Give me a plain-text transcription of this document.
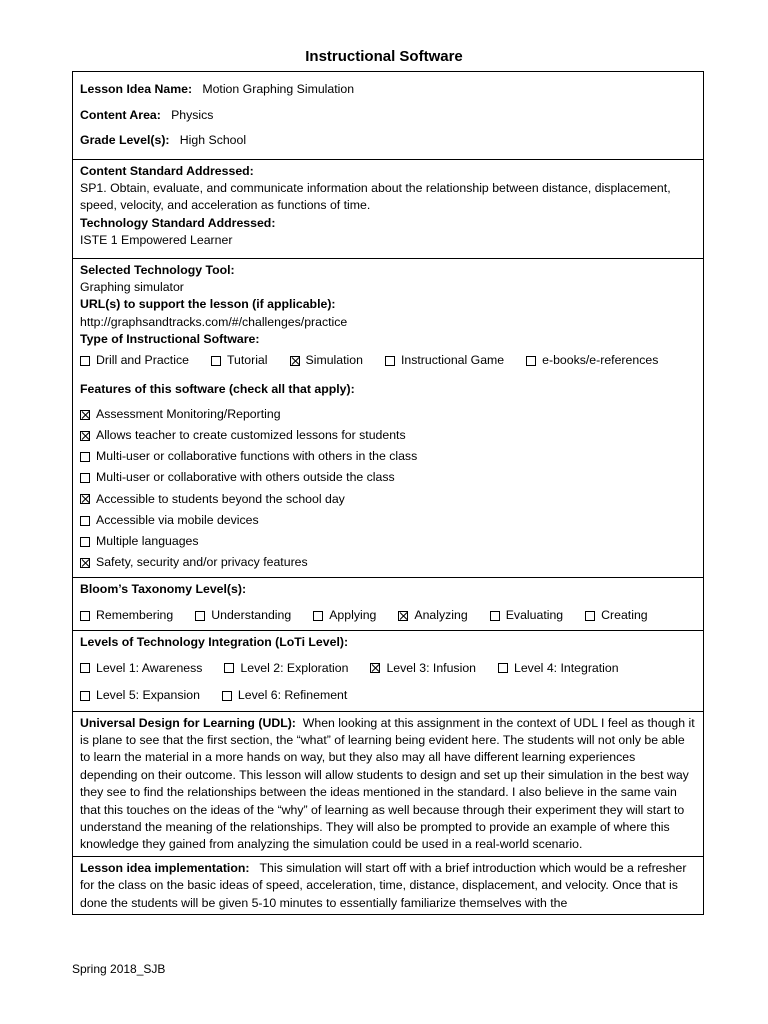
Instructional Software
Lesson Idea Name: Motion Graphing Simulation
Content Area: Physics
Grade Level(s): High School
Content Standard Addressed:
SP1. Obtain, evaluate, and communicate information about the relationship between distance, displacement, speed, velocity, and acceleration as functions of time.
Technology Standard Addressed:
ISTE 1 Empowered Learner
Selected Technology Tool:
Graphing simulator
URL(s) to support the lesson (if applicable):
http://graphsandtracks.com/#/challenges/practice
Type of Instructional Software:
Drill and Practice	Tutorial	Simulation	Instructional Game	e-books/e-references
Features of this software (check all that apply):
Assessment Monitoring/Reporting
Allows teacher to create customized lessons for students
Multi-user or collaborative functions with others in the class
Multi-user or collaborative with others outside the class
Accessible to students beyond the school day
Accessible via mobile devices
Multiple languages
Safety, security and/or privacy features
Bloom’s Taxonomy Level(s):
Remembering	Understanding	Applying	Analyzing	Evaluating	Creating
Levels of Technology Integration (LoTi Level):
Level 1: Awareness	Level 2: Exploration	Level 3: Infusion	Level 4: Integration
Level 5: Expansion	Level 6: Refinement
Universal Design for Learning (UDL): When looking at this assignment in the context of UDL I feel as though it is plane to see that the first section, the “what” of learning being evident here. The students will not only be able to learn the material in a more hands on way, but they also may all have different learning experiences depending on their outcome. This lesson will allow students to design and set up their simulation in the best way they see to find the relationships between the ideas mentioned in the standard. I also believe in the same vain that this touches on the ideas of the “why” of learning as well because through their experiment they will start to understand the meaning of the relationships. They will also be prompted to provide an example of where this knowledge they gained from analyzing the simulation could be used in a real-world scenario.
Lesson idea implementation: This simulation will start off with a brief introduction which would be a refresher for the class on the basic ideas of speed, acceleration, time, distance, displacement, and velocity. Once that is done the students will be given 5-10 minutes to essentially familiarize themselves with the
Spring 2018_SJB
